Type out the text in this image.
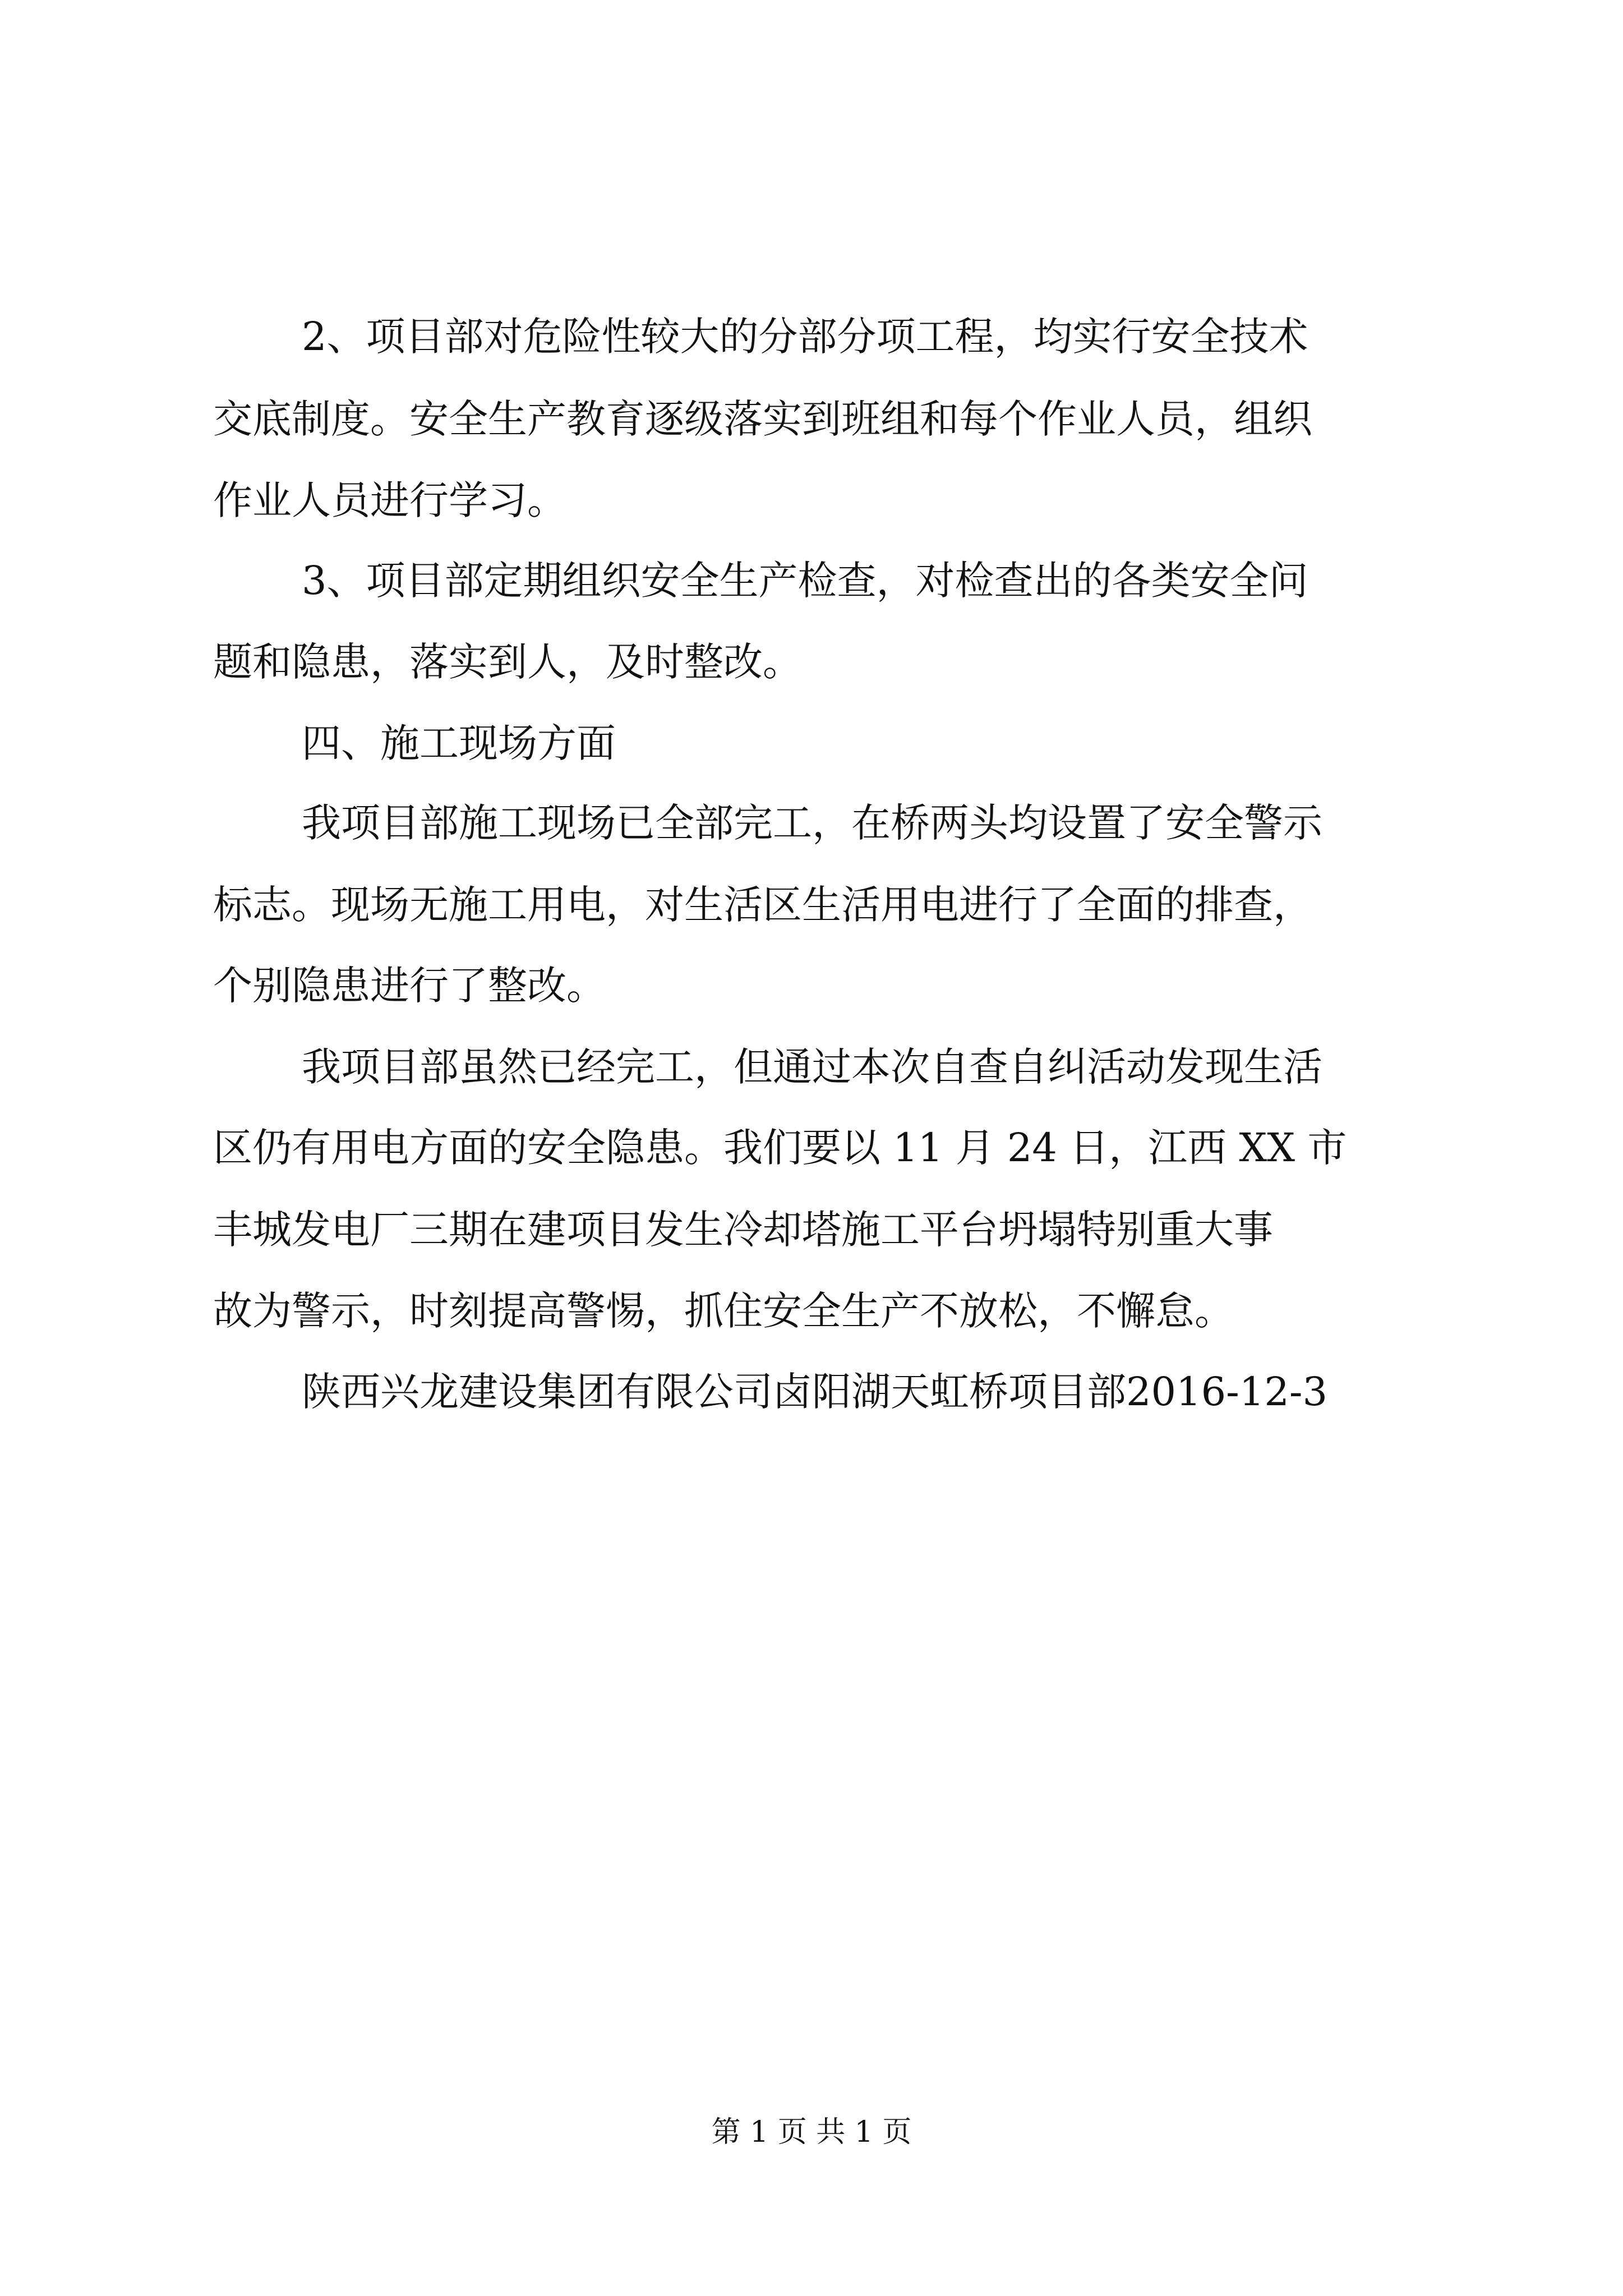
2、项目部对危险性较大的分部分项工程，均实行安全技术
交底制度。安全生产教育逐级落实到班组和每个作业人员，组织
作业人员进行学习。
3、项目部定期组织安全生产检查，对检查出的各类安全问
题和隐患，落实到人，及时整改。
四、施工现场方面
我项目部施工现场已全部完工，在桥两头均设置了安全警示
标志。现场无施工用电，对生活区生活用电进行了全面的排查，
个别隐患进行了整改。
我项目部虽然已经完工，但通过本次自查自纠活动发现生活
区仍有用电方面的安全隐患。我们要以 11 月 24 日，江西 XX 市
丰城发电厂三期在建项目发生冷却塔施工平台坍塌特别重大事
故为警示，时刻提高警惕，抓住安全生产不放松，不懈怠。
陕西兴龙建设集团有限公司卤阳湖天虹桥项目部2016-12-3
第 1 页 共 1 页
